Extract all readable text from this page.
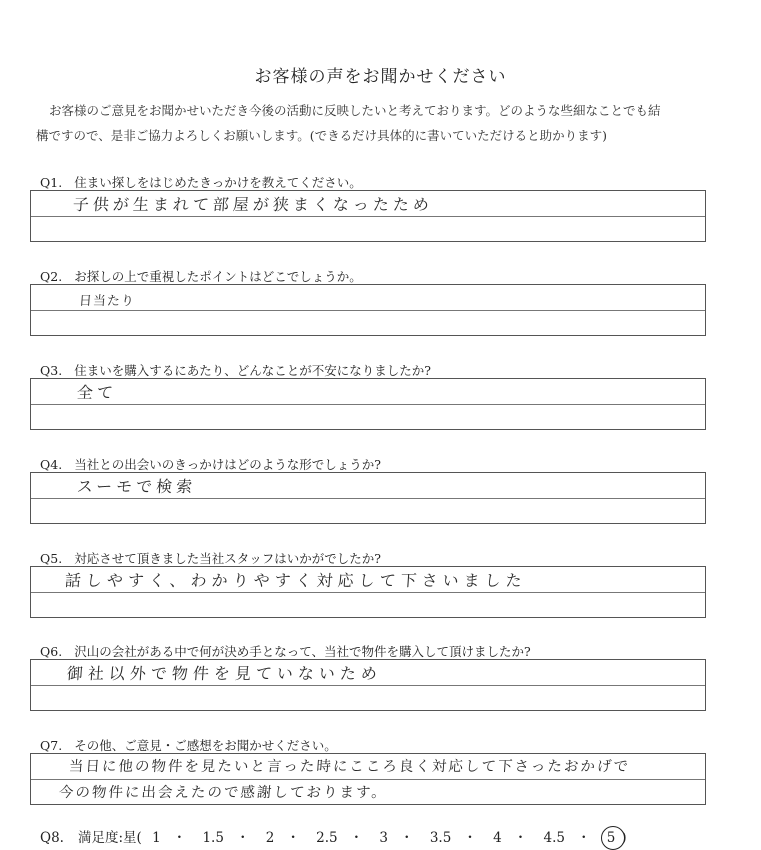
お客様の声をお聞かせください

お客様のご意見をお聞かせいただき今後の活動に反映したいと考えております。どのような些細なことでも結

構ですので、是非ご協力よろしくお願いします。(できるだけ具体的に書いていただけると助かります)

Q1. 住まい探しをはじめたきっかけを教えてください。
子供が生まれて部屋が狭まくなったため
Q2. お探しの上で重視したポイントはどこでしょうか。
日当たり
Q3. 住まいを購入するにあたり、どんなことが不安になりましたか?
全て
Q4. 当社との出会いのきっかけはどのような形でしょうか?
スーモで検索
Q5. 対応させて頂きました当社スタッフはいかがでしたか?
話しやすく、わかりやすく対応して下さいました
Q6. 沢山の会社がある中で何が決め手となって、当社で物件を購入して頂けましたか?
御社以外で物件を見ていないため
Q7. その他、ご意見・ご感想をお聞かせください。
当日に他の物件を見たいと言った時にこころ良く対応して下さったおかげで
今の物件に出会えたので感謝しております。
Q8. 満足度:星( 1 ・ 1.5 ・ 2 ・ 2.5 ・ 3 ・ 3.5 ・ 4 ・ 4.5 ・ 5 )
